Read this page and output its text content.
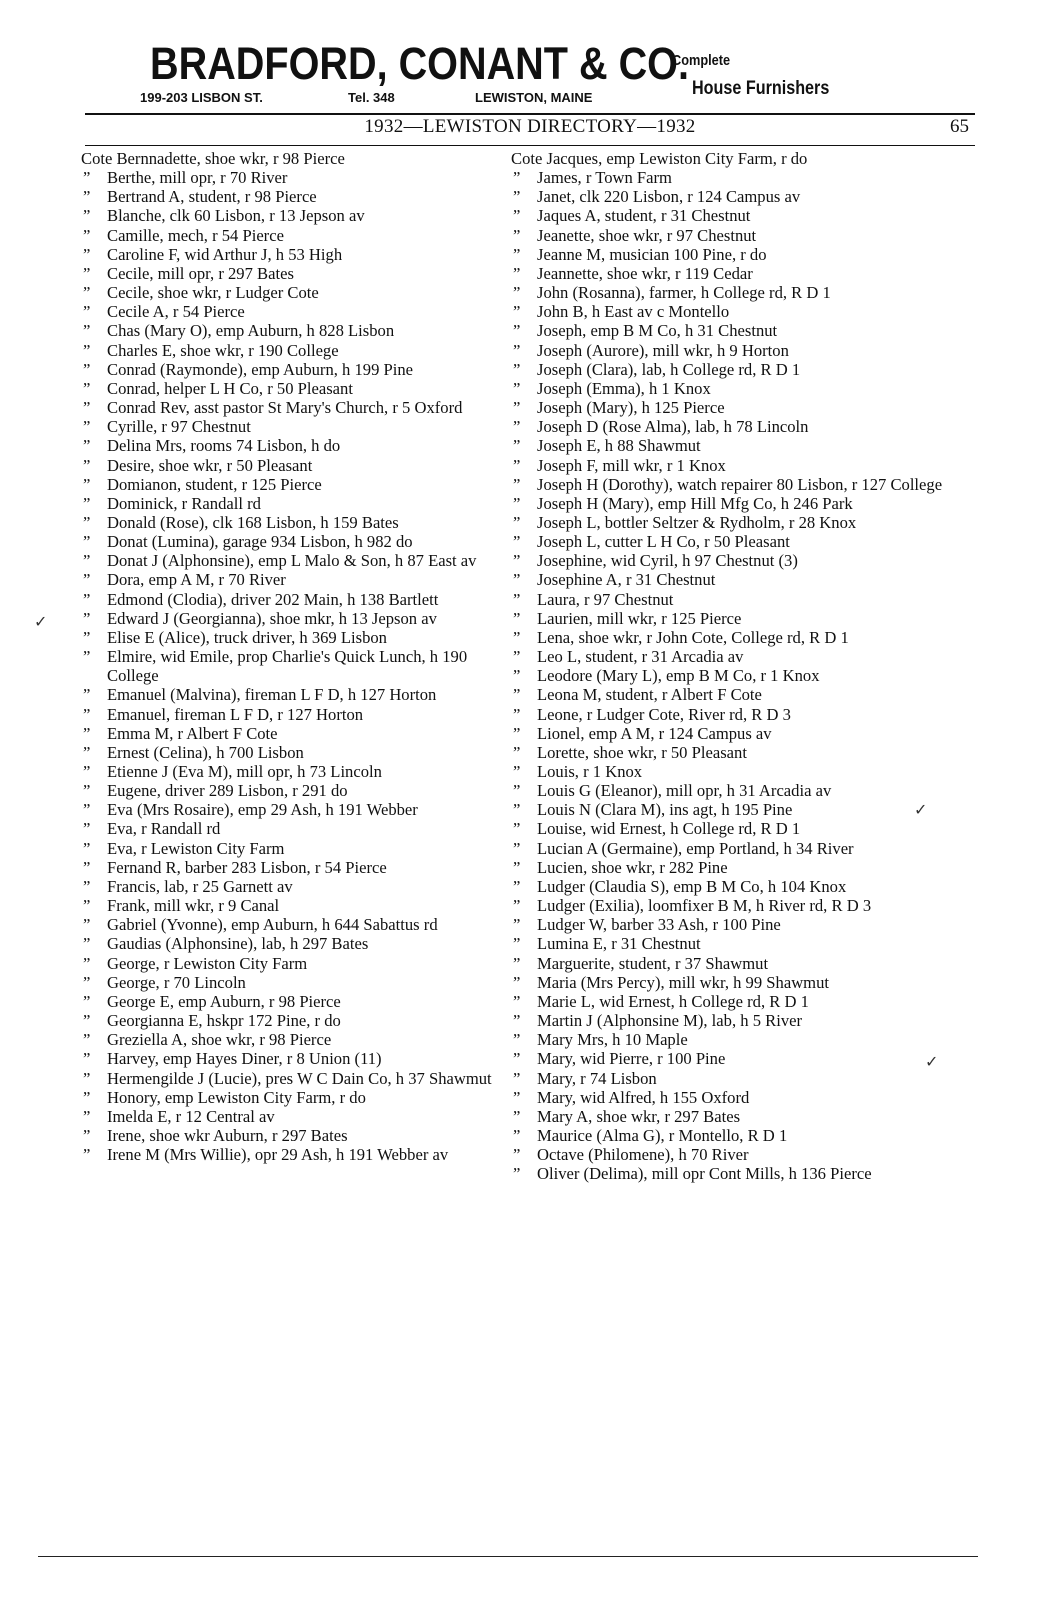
BRADFORD, CONANT & CO.
Complete
House Furnishers
199-203 LISBON ST.	Tel. 348	LEWISTON, MAINE
1932—LEWISTON DIRECTORY—1932	65

Cote Bernnadette, shoe wkr, r 98 Pierce

” Berthe, mill opr, r 70 River

” Bertrand A, student, r 98 Pierce

” Blanche, clk 60 Lisbon, r 13 Jepson av

” Camille, mech, r 54 Pierce

” Caroline F, wid Arthur J, h 53 High

” Cecile, mill opr, r 297 Bates

” Cecile, shoe wkr, r Ludger Cote

” Cecile A, r 54 Pierce

” Chas (Mary O), emp Auburn, h 828 Lisbon

” Charles E, shoe wkr, r 190 College

” Conrad (Raymonde), emp Auburn, h 199 Pine

” Conrad, helper L H Co, r 50 Pleasant

” Conrad Rev, asst pastor St Mary's Church, r 5 Oxford

” Cyrille, r 97 Chestnut

” Delina Mrs, rooms 74 Lisbon, h do

” Desire, shoe wkr, r 50 Pleasant

” Domianon, student, r 125 Pierce

” Dominick, r Randall rd

” Donald (Rose), clk 168 Lisbon, h 159 Bates

” Donat (Lumina), garage 934 Lisbon, h 982 do

” Donat J (Alphonsine), emp L Malo & Son, h 87 East av

” Dora, emp A M, r 70 River

” Edmond (Clodia), driver 202 Main, h 138 Bartlett

” Edward J (Georgianna), shoe mkr, h 13 Jepson av

” Elise E (Alice), truck driver, h 369 Lisbon

” Elmire, wid Emile, prop Charlie's Quick Lunch, h 190 College

” Emanuel (Malvina), fireman L F D, h 127 Horton

” Emanuel, fireman L F D, r 127 Horton

” Emma M, r Albert F Cote

” Ernest (Celina), h 700 Lisbon

” Etienne J (Eva M), mill opr, h 73 Lincoln

” Eugene, driver 289 Lisbon, r 291 do

” Eva (Mrs Rosaire), emp 29 Ash, h 191 Webber

” Eva, r Randall rd

” Eva, r Lewiston City Farm

” Fernand R, barber 283 Lisbon, r 54 Pierce

” Francis, lab, r 25 Garnett av

” Frank, mill wkr, r 9 Canal

” Gabriel (Yvonne), emp Auburn, h 644 Sabattus rd

” Gaudias (Alphonsine), lab, h 297 Bates

” George, r Lewiston City Farm

” George, r 70 Lincoln

” George E, emp Auburn, r 98 Pierce

” Georgianna E, hskpr 172 Pine, r do

” Greziella A, shoe wkr, r 98 Pierce

” Harvey, emp Hayes Diner, r 8 Union (11)

” Hermengilde J (Lucie), pres W C Dain Co, h 37 Shawmut

” Honory, emp Lewiston City Farm, r do

” Imelda E, r 12 Central av

” Irene, shoe wkr Auburn, r 297 Bates

” Irene M (Mrs Willie), opr 29 Ash, h 191 Webber av

Cote Jacques, emp Lewiston City Farm, r do

” James, r Town Farm

” Janet, clk 220 Lisbon, r 124 Campus av

” Jaques A, student, r 31 Chestnut

” Jeanette, shoe wkr, r 97 Chestnut

” Jeanne M, musician 100 Pine, r do

” Jeannette, shoe wkr, r 119 Cedar

” John (Rosanna), farmer, h College rd, R D 1

” John B, h East av c Montello

” Joseph, emp B M Co, h 31 Chestnut

” Joseph (Aurore), mill wkr, h 9 Horton

” Joseph (Clara), lab, h College rd, R D 1

” Joseph (Emma), h 1 Knox

” Joseph (Mary), h 125 Pierce

” Joseph D (Rose Alma), lab, h 78 Lincoln

” Joseph E, h 88 Shawmut

” Joseph F, mill wkr, r 1 Knox

” Joseph H (Dorothy), watch repairer 80 Lisbon, r 127 College

” Joseph H (Mary), emp Hill Mfg Co, h 246 Park

” Joseph L, bottler Seltzer & Rydholm, r 28 Knox

” Joseph L, cutter L H Co, r 50 Pleasant

” Josephine, wid Cyril, h 97 Chestnut (3)

” Josephine A, r 31 Chestnut

” Laura, r 97 Chestnut

” Laurien, mill wkr, r 125 Pierce

” Lena, shoe wkr, r John Cote, College rd, R D 1

” Leo L, student, r 31 Arcadia av

” Leodore (Mary L), emp B M Co, r 1 Knox

” Leona M, student, r Albert F Cote

” Leone, r Ludger Cote, River rd, R D 3

” Lionel, emp A M, r 124 Campus av

” Lorette, shoe wkr, r 50 Pleasant

” Louis, r 1 Knox

” Louis G (Eleanor), mill opr, h 31 Arcadia av

” Louis N (Clara M), ins agt, h 195 Pine

” Louise, wid Ernest, h College rd, R D 1

” Lucian A (Germaine), emp Portland, h 34 River

” Lucien, shoe wkr, r 282 Pine

” Ludger (Claudia S), emp B M Co, h 104 Knox

” Ludger (Exilia), loomfixer B M, h River rd, R D 3

” Ludger W, barber 33 Ash, r 100 Pine

” Lumina E, r 31 Chestnut

” Marguerite, student, r 37 Shawmut

” Maria (Mrs Percy), mill wkr, h 99 Shawmut

” Marie L, wid Ernest, h College rd, R D 1

” Martin J (Alphonsine M), lab, h 5 River

” Mary Mrs, h 10 Maple

” Mary, wid Pierre, r 100 Pine

” Mary, r 74 Lisbon

” Mary, wid Alfred, h 155 Oxford

” Mary A, shoe wkr, r 297 Bates

” Maurice (Alma G), r Montello, R D 1

” Octave (Philomene), h 70 River

” Oliver (Delima), mill opr Cont Mills, h 136 Pierce

✓
✓
✓
